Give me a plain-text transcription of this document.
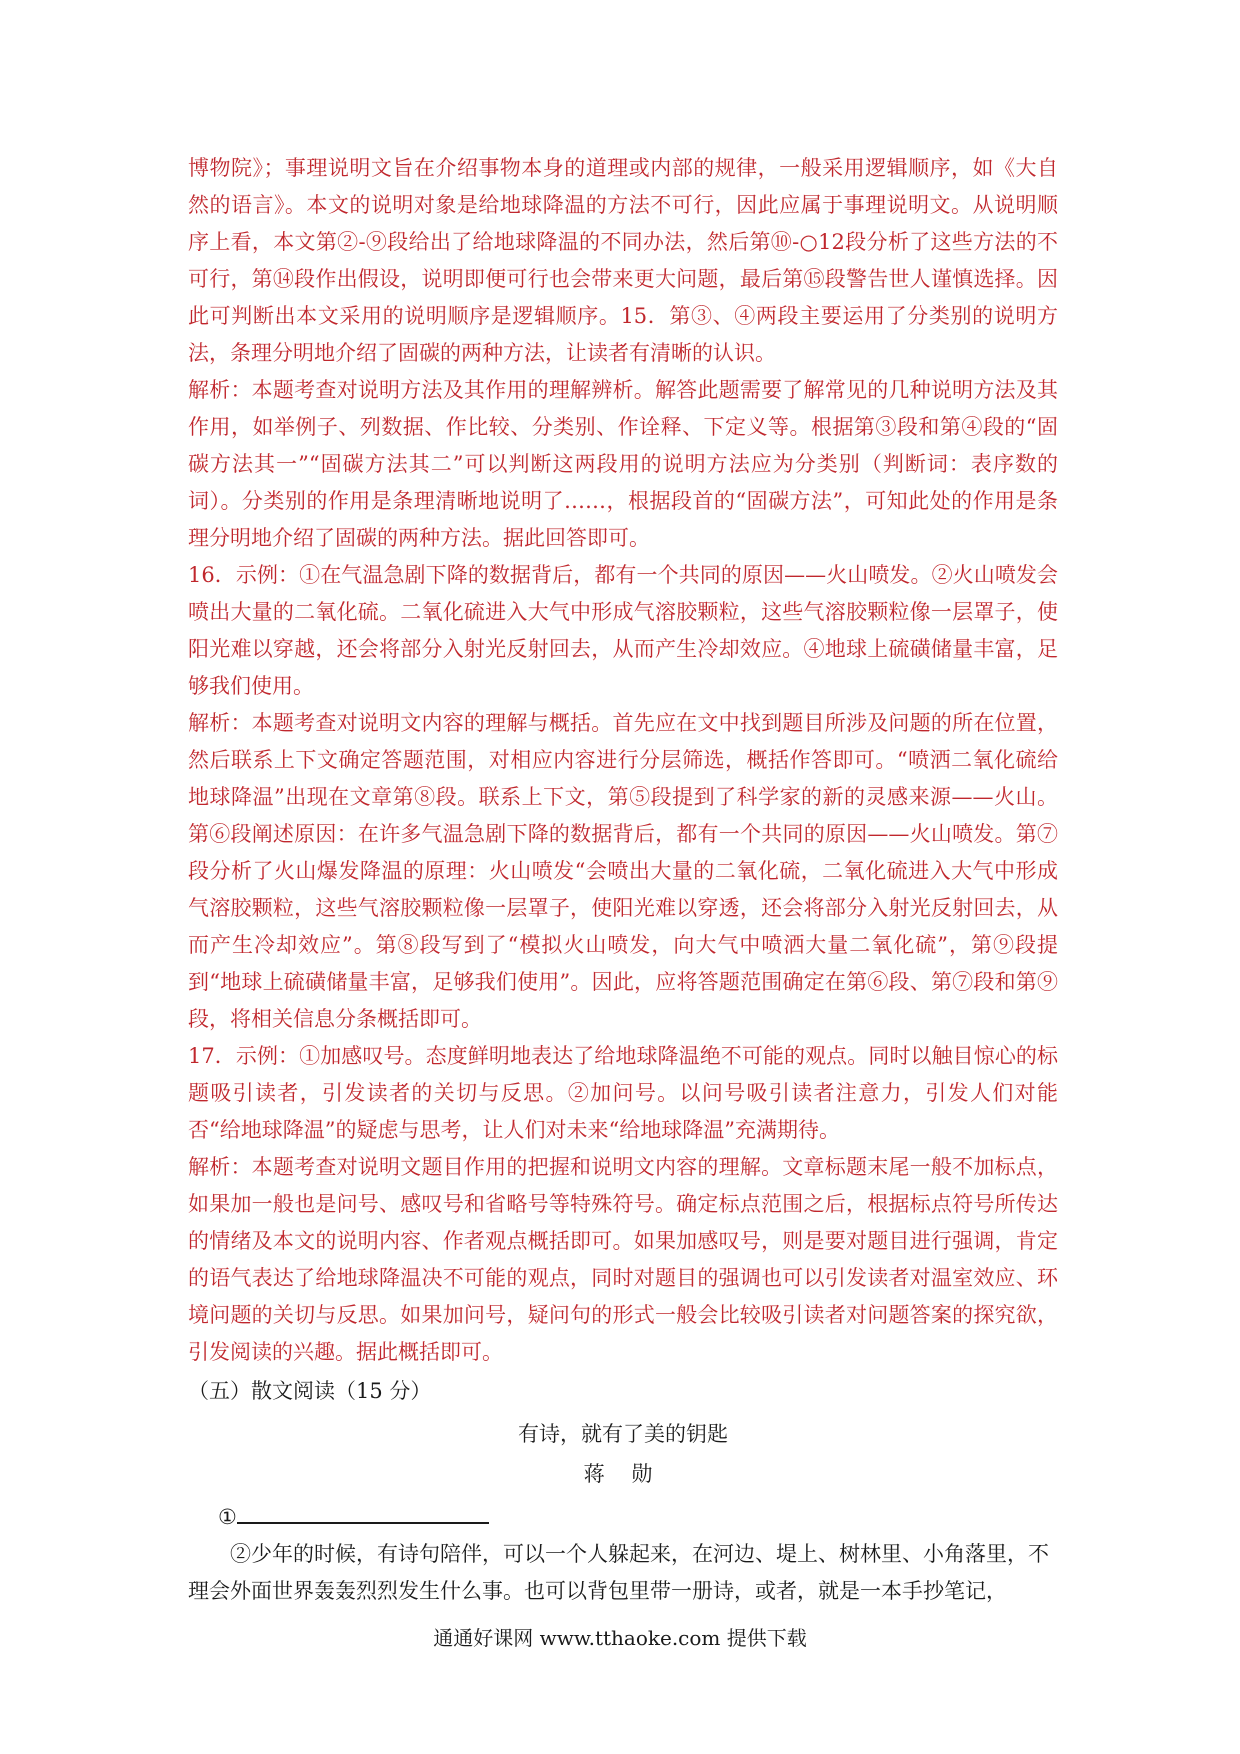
博物院》；事理说明文旨在介绍事物本身的道理或内部的规律，一般采用逻辑顺序，如《大自然的语言》。本文的说明对象是给地球降温的方法不可行，因此应属于事理说明文。从说明顺序上看，本文第②-⑨段给出了给地球降温的不同办法，然后第⑩-○12段分析了这些方法的不可行，第⑭段作出假设，说明即便可行也会带来更大问题，最后第⑮段警告世人谨慎选择。因此可判断出本文采用的说明顺序是逻辑顺序。15．第③、④两段主要运用了分类别的说明方法，条理分明地介绍了固碳的两种方法，让读者有清晰的认识。

解析：本题考查对说明方法及其作用的理解辨析。解答此题需要了解常见的几种说明方法及其作用，如举例子、列数据、作比较、分类别、作诠释、下定义等。根据第③段和第④段的“固碳方法其一”“固碳方法其二”可以判断这两段用的说明方法应为分类别（判断词：表序数的词）。分类别的作用是条理清晰地说明了……，根据段首的“固碳方法”，可知此处的作用是条理分明地介绍了固碳的两种方法。据此回答即可。

16．示例：①在气温急剧下降的数据背后，都有一个共同的原因——火山喷发。②火山喷发会喷出大量的二氧化硫。二氧化硫进入大气中形成气溶胶颗粒，这些气溶胶颗粒像一层罩子，使阳光难以穿越，还会将部分入射光反射回去，从而产生冷却效应。④地球上硫磺储量丰富，足够我们使用。

解析：本题考查对说明文内容的理解与概括。首先应在文中找到题目所涉及问题的所在位置，然后联系上下文确定答题范围，对相应内容进行分层筛选，概括作答即可。“喷洒二氧化硫给地球降温”出现在文章第⑧段。联系上下文，第⑤段提到了科学家的新的灵感来源——火山。第⑥段阐述原因：在许多气温急剧下降的数据背后，都有一个共同的原因——火山喷发。第⑦段分析了火山爆发降温的原理：火山喷发“会喷出大量的二氧化硫，二氧化硫进入大气中形成气溶胶颗粒，这些气溶胶颗粒像一层罩子，使阳光难以穿透，还会将部分入射光反射回去，从而产生冷却效应”。第⑧段写到了“模拟火山喷发，向大气中喷洒大量二氧化硫”，第⑨段提到“地球上硫磺储量丰富，足够我们使用”。因此，应将答题范围确定在第⑥段、第⑦段和第⑨段，将相关信息分条概括即可。

17．示例：①加感叹号。态度鲜明地表达了给地球降温绝不可能的观点。同时以触目惊心的标题吸引读者，引发读者的关切与反思。②加问号。以问号吸引读者注意力，引发人们对能否“给地球降温”的疑虑与思考，让人们对未来“给地球降温”充满期待。

解析：本题考查对说明文题目作用的把握和说明文内容的理解。文章标题末尾一般不加标点，如果加一般也是问号、感叹号和省略号等特殊符号。确定标点范围之后，根据标点符号所传达的情绪及本文的说明内容、作者观点概括即可。如果加感叹号，则是要对题目进行强调，肯定的语气表达了给地球降温决不可能的观点，同时对题目的强调也可以引发读者对温室效应、环境问题的关切与反思。如果加问号，疑问句的形式一般会比较吸引读者对问题答案的探究欲，引发阅读的兴趣。据此概括即可。

（五）散文阅读（15 分）

有诗，就有了美的钥匙

蒋 勋

①

②少年的时候，有诗句陪伴，可以一个人躲起来，在河边、堤上、树林里、小角落里，不理会外面世界轰轰烈烈发生什么事。也可以背包里带一册诗，或者，就是一本手抄笔记，

通通好课网 www.tthaoke.com 提供下载
